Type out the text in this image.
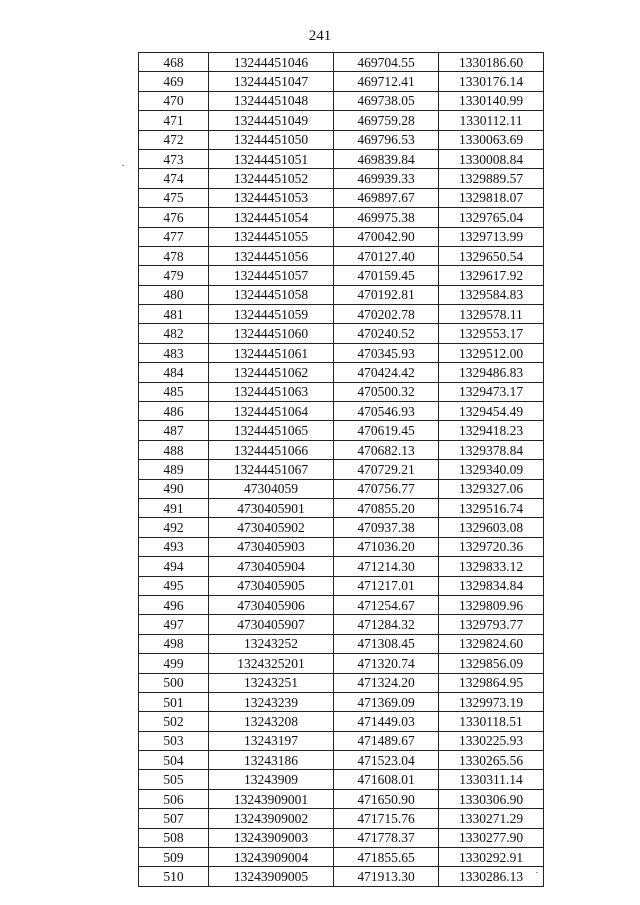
241
468	13244451046	469704.55	1330186.60
469	13244451047	469712.41	1330176.14
470	13244451048	469738.05	1330140.99
471	13244451049	469759.28	1330112.11
472	13244451050	469796.53	1330063.69
473	13244451051	469839.84	1330008.84
474	13244451052	469939.33	1329889.57
475	13244451053	469897.67	1329818.07
476	13244451054	469975.38	1329765.04
477	13244451055	470042.90	1329713.99
478	13244451056	470127.40	1329650.54
479	13244451057	470159.45	1329617.92
480	13244451058	470192.81	1329584.83
481	13244451059	470202.78	1329578.11
482	13244451060	470240.52	1329553.17
483	13244451061	470345.93	1329512.00
484	13244451062	470424.42	1329486.83
485	13244451063	470500.32	1329473.17
486	13244451064	470546.93	1329454.49
487	13244451065	470619.45	1329418.23
488	13244451066	470682.13	1329378.84
489	13244451067	470729.21	1329340.09
490	47304059	470756.77	1329327.06
491	4730405901	470855.20	1329516.74
492	4730405902	470937.38	1329603.08
493	4730405903	471036.20	1329720.36
494	4730405904	471214.30	1329833.12
495	4730405905	471217.01	1329834.84
496	4730405906	471254.67	1329809.96
497	4730405907	471284.32	1329793.77
498	13243252	471308.45	1329824.60
499	1324325201	471320.74	1329856.09
500	13243251	471324.20	1329864.95
501	13243239	471369.09	1329973.19
502	13243208	471449.03	1330118.51
503	13243197	471489.67	1330225.93
504	13243186	471523.04	1330265.56
505	13243909	471608.01	1330311.14
506	13243909001	471650.90	1330306.90
507	13243909002	471715.76	1330271.29
508	13243909003	471778.37	1330277.90
509	13243909004	471855.65	1330292.91
510	13243909005	471913.30	1330286.13
